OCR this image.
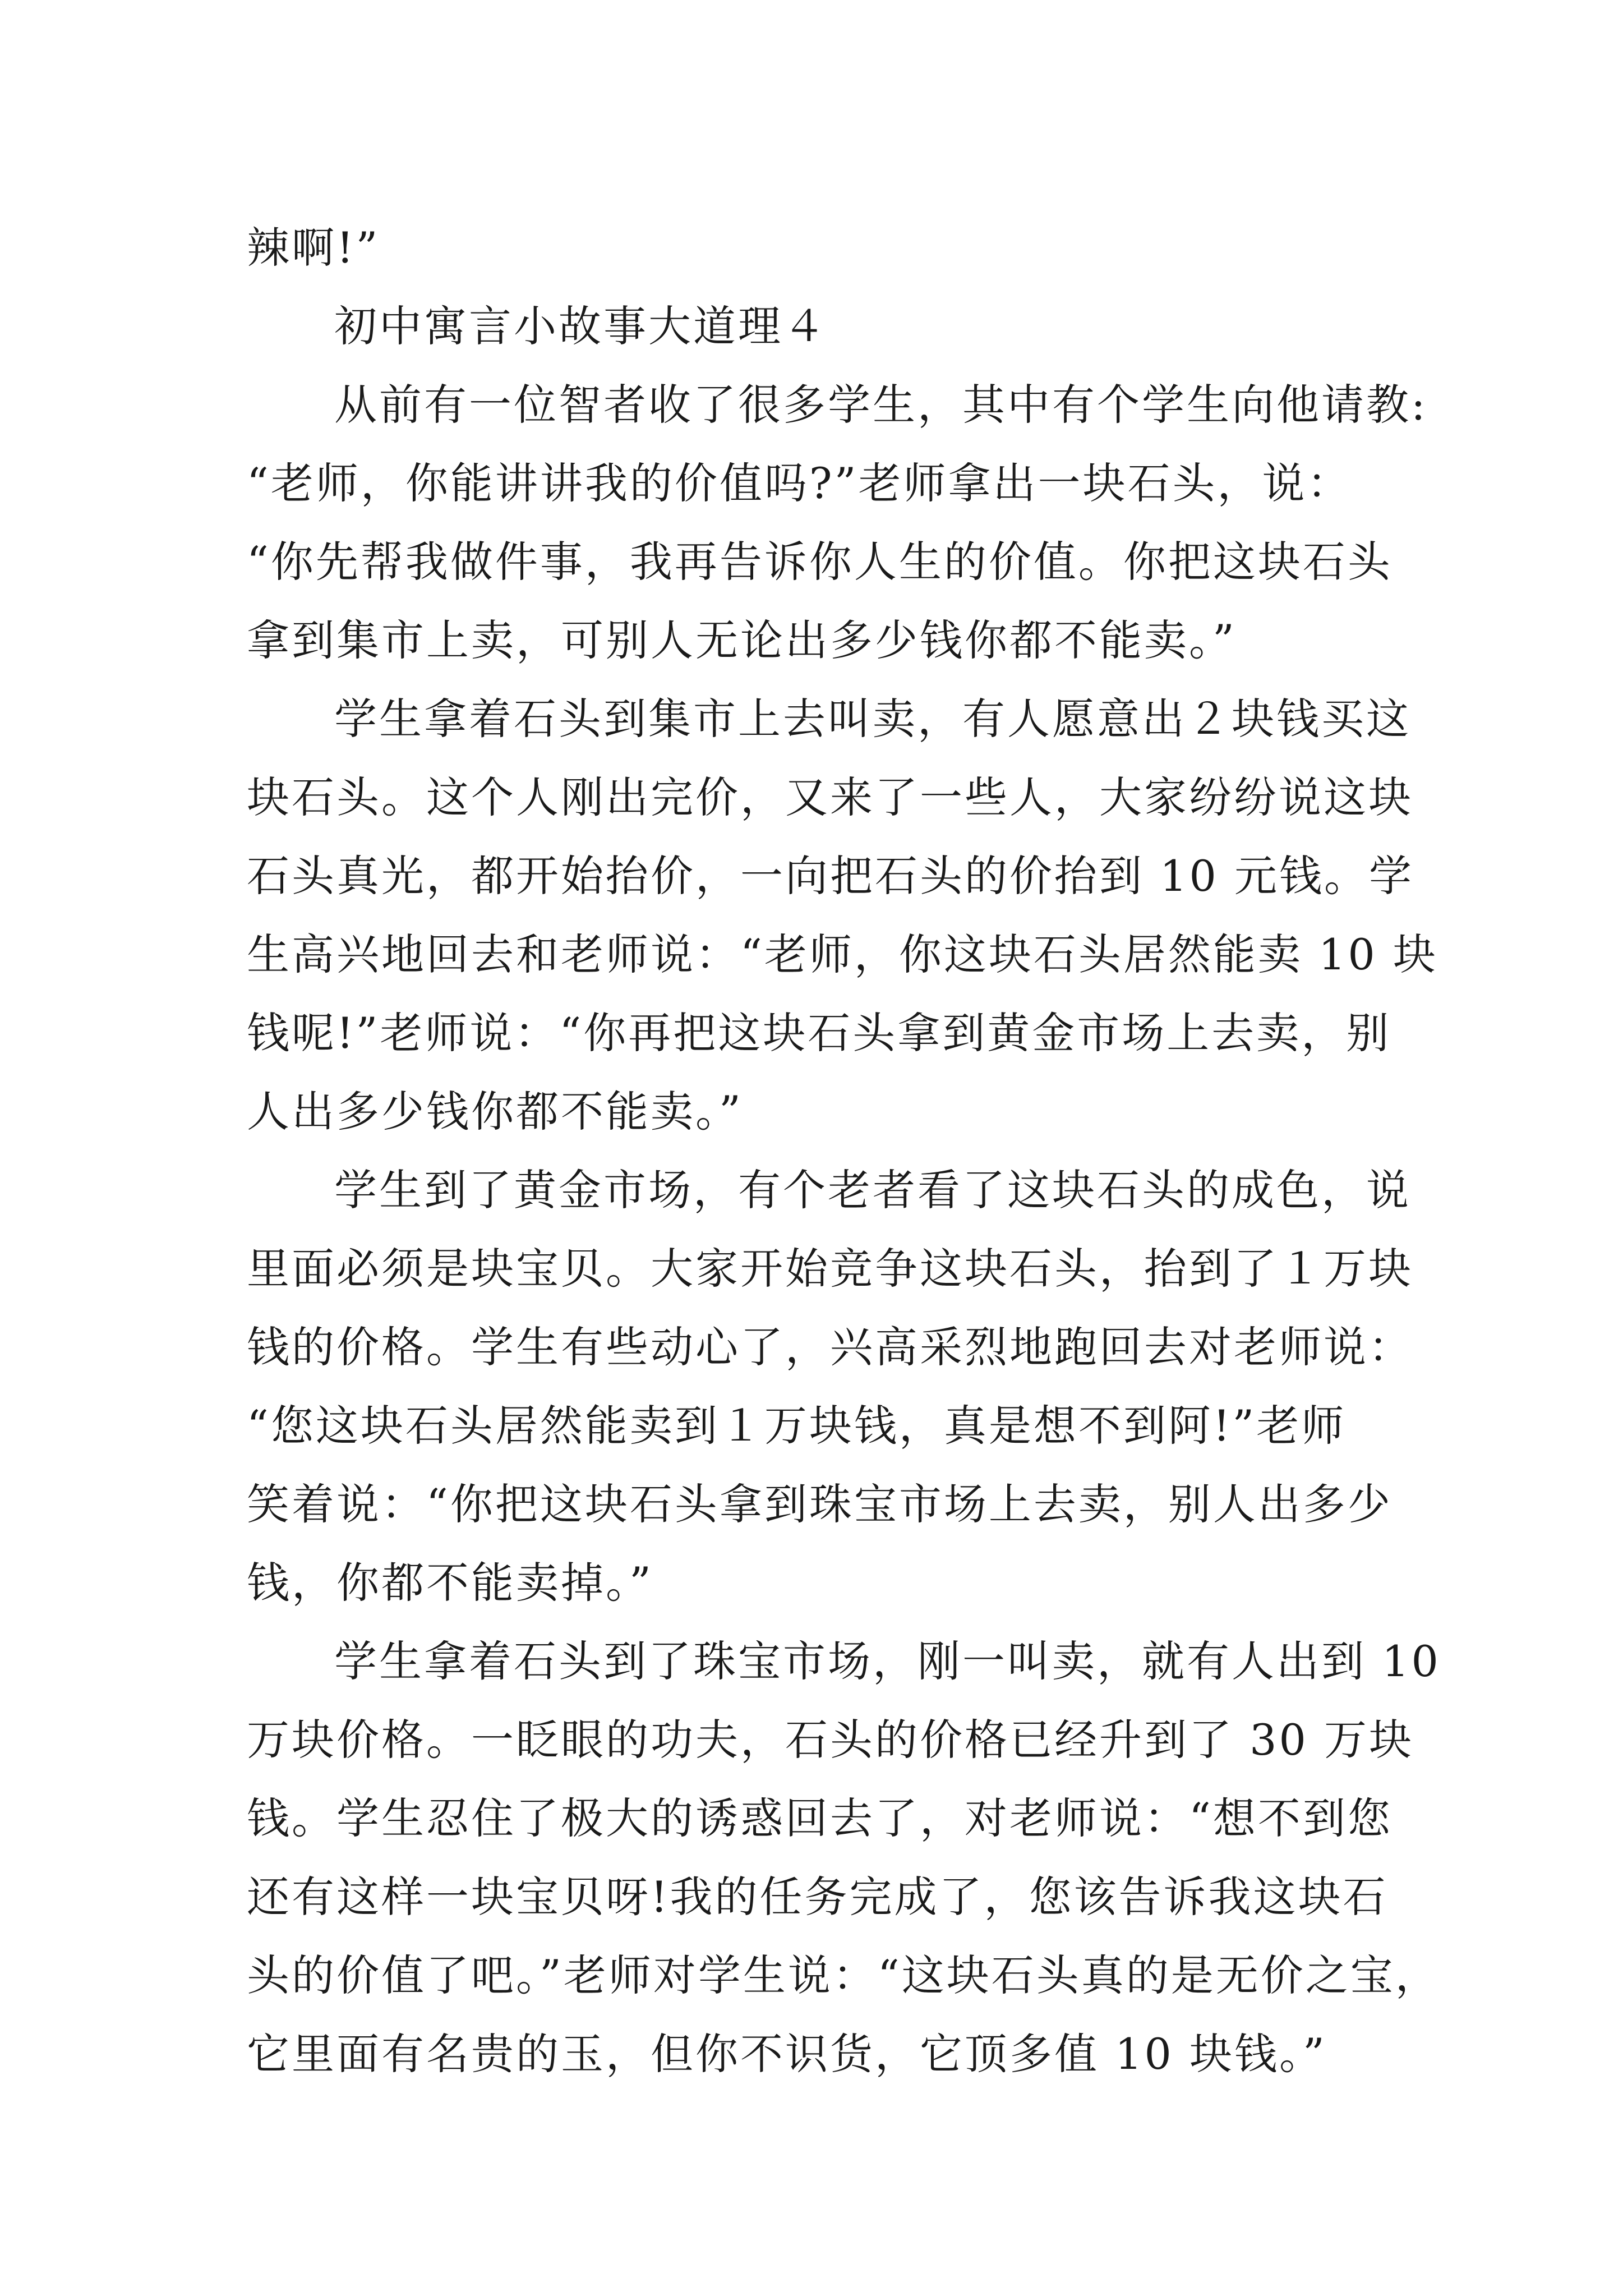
辣啊!”

初中寓言小故事大道理４

从前有一位智者收了很多学生，其中有个学生向他请教:

“老师，你能讲讲我的价值吗?”老师拿出一块石头，说：

“你先帮我做件事，我再告诉你人生的价值。你把这块石头

拿到集市上卖，可别人无论出多少钱你都不能卖。”

学生拿着石头到集市上去叫卖，有人愿意出２块钱买这

块石头。这个人刚出完价，又来了一些人，大家纷纷说这块

石头真光，都开始抬价，一向把石头的价抬到 10 元钱。学

生高兴地回去和老师说：“老师，你这块石头居然能卖 10 块

钱呢!”老师说：“你再把这块石头拿到黄金市场上去卖，别

人出多少钱你都不能卖。”

学生到了黄金市场，有个老者看了这块石头的成色，说

里面必须是块宝贝。大家开始竞争这块石头，抬到了１万块

钱的价格。学生有些动心了，兴高采烈地跑回去对老师说：

“您这块石头居然能卖到１万块钱，真是想不到阿!”老师

笑着说：“你把这块石头拿到珠宝市场上去卖，别人出多少

钱，你都不能卖掉。”

学生拿着石头到了珠宝市场，刚一叫卖，就有人出到 10

万块价格。一眨眼的功夫，石头的价格已经升到了 30 万块

钱。学生忍住了极大的诱惑回去了，对老师说：“想不到您

还有这样一块宝贝呀!我的任务完成了，您该告诉我这块石

头的价值了吧。”老师对学生说：“这块石头真的是无价之宝，

它里面有名贵的玉，但你不识货，它顶多值 10 块钱。”
